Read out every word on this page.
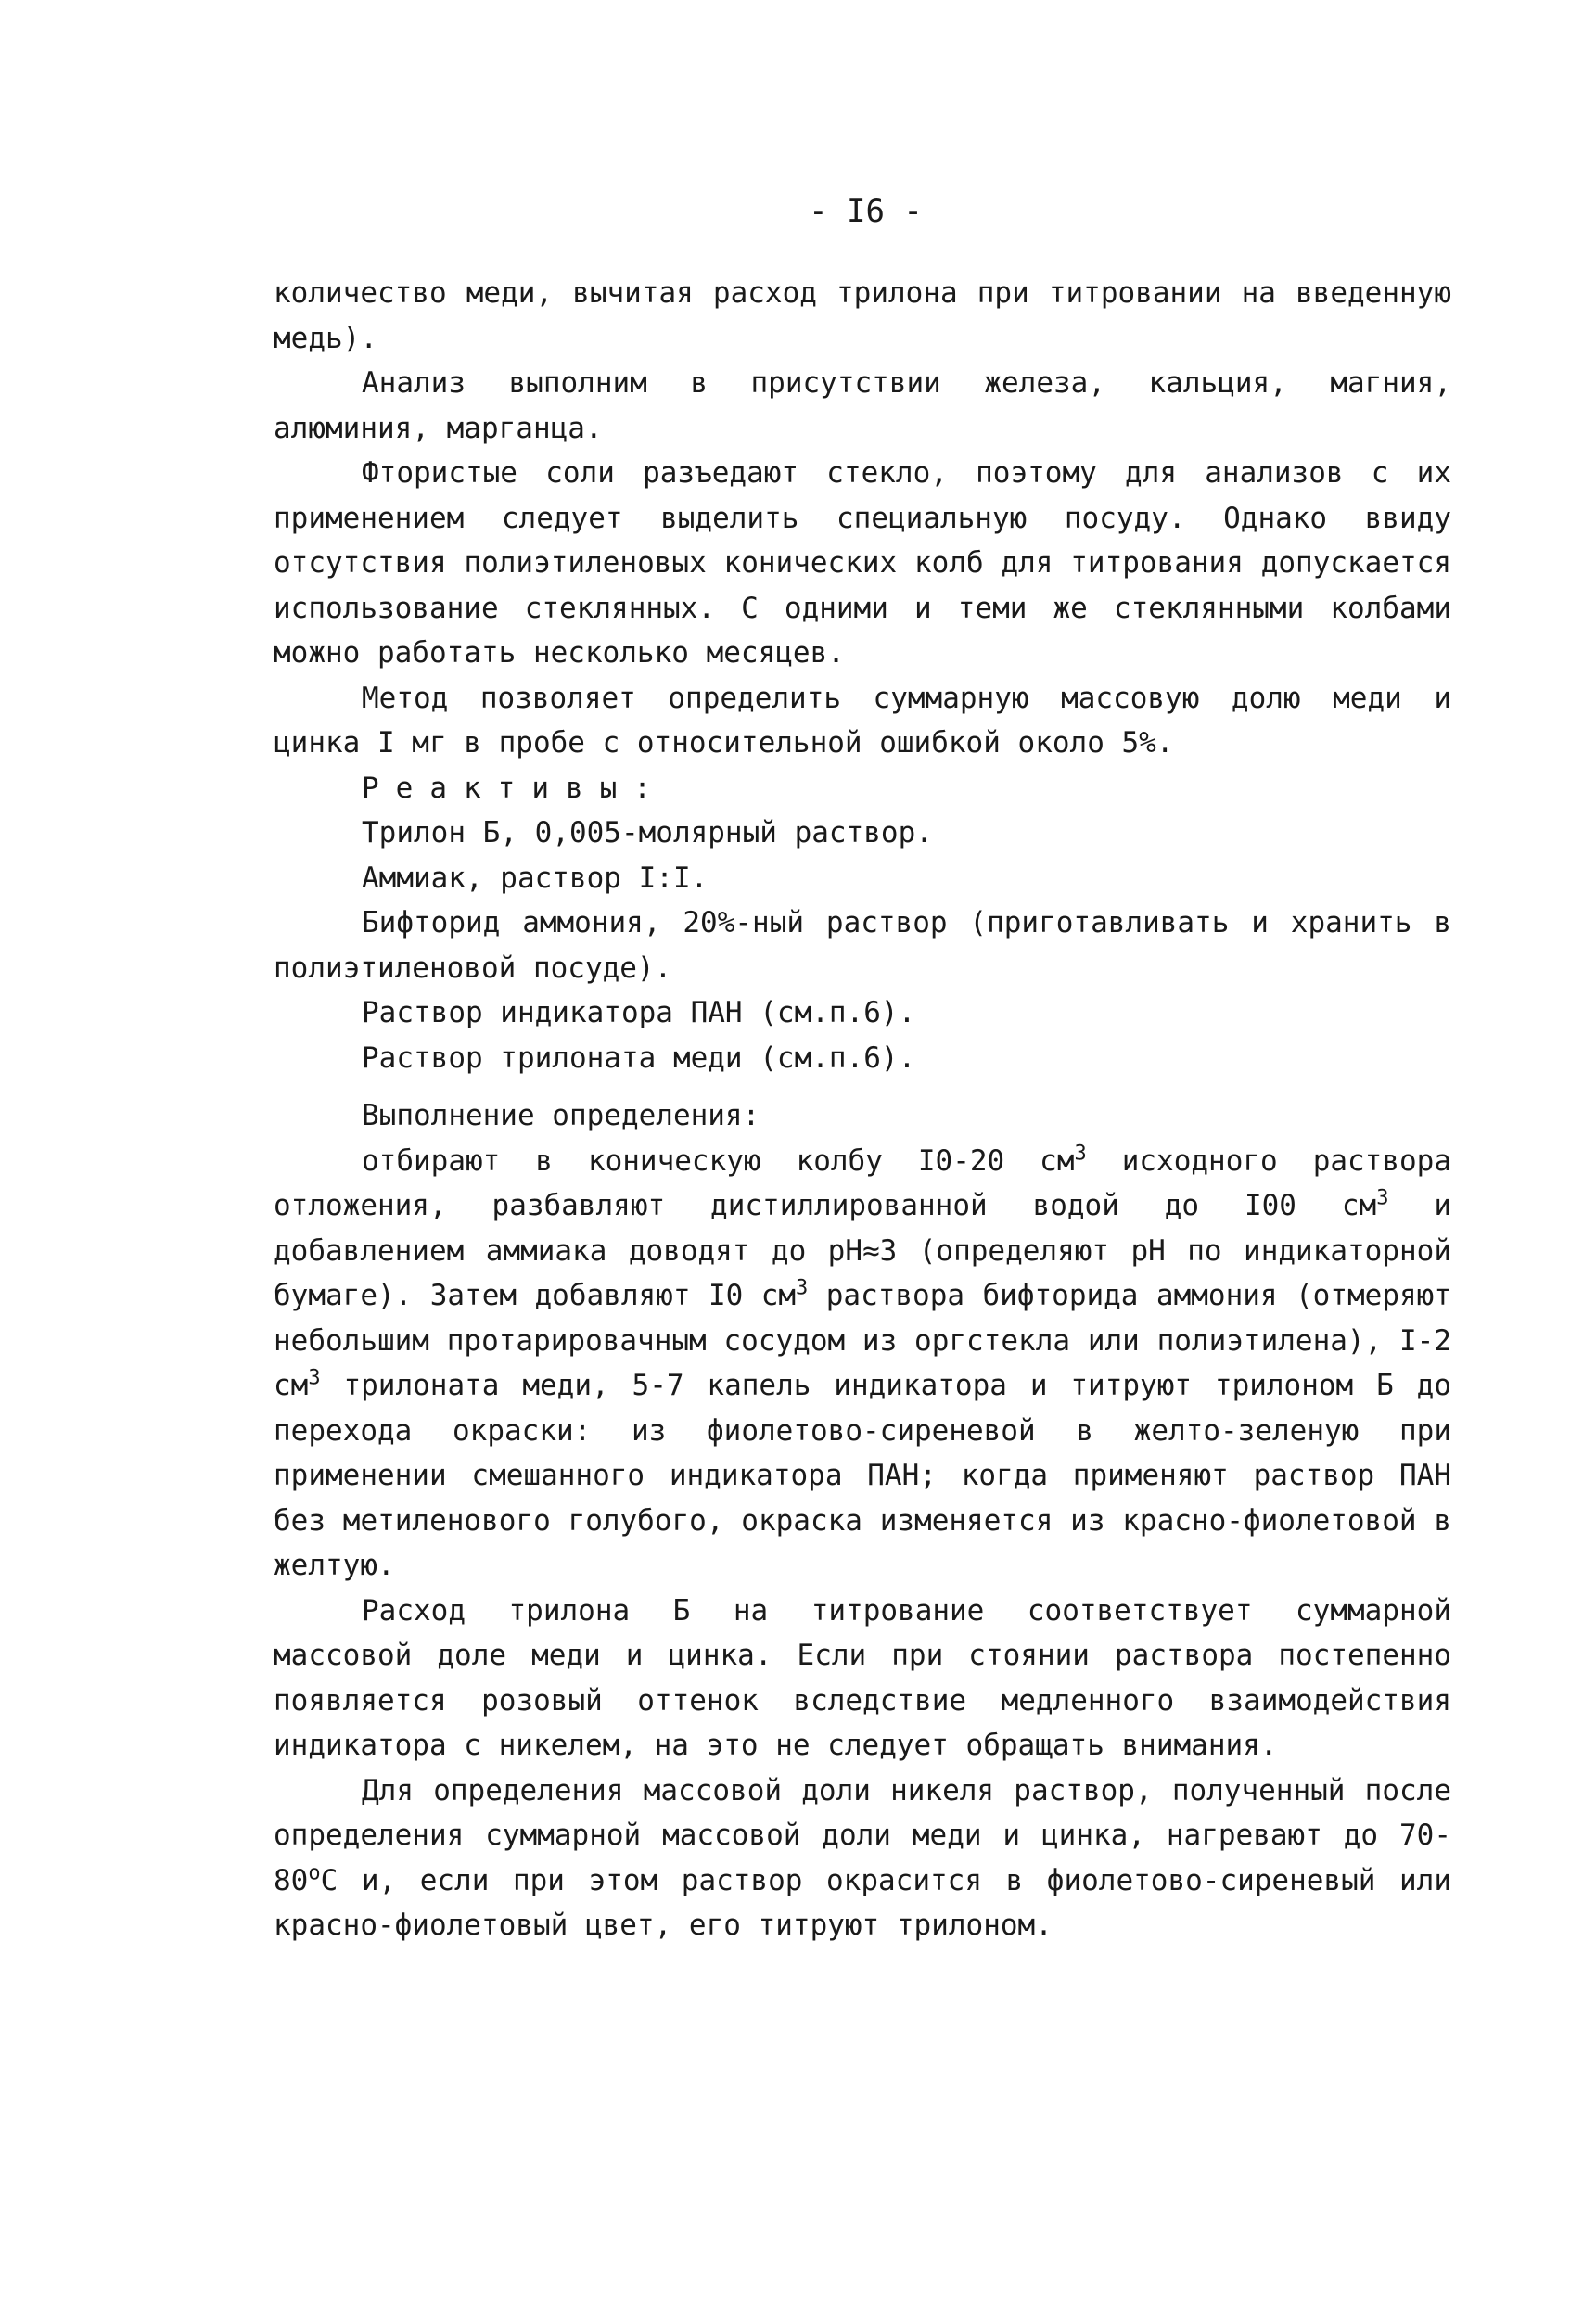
- I6 -

количество меди, вычитая расход трилона при титровании на введенную медь).

Анализ выполним в присутствии железа, кальция, магния, алюминия, марганца.

Фтористые соли разъедают стекло, поэтому для анализов с их применением следует выделить специальную посуду. Однако ввиду отсутствия полиэтиленовых конических колб для титрования допускается использование стеклянных. С одними и теми же стеклянными колбами можно работать несколько месяцев.

Метод позволяет определить суммарную массовую долю меди и цинка I мг в пробе с относительной ошибкой около 5%.

Реактивы:

Трилон Б, 0,005-молярный раствор.

Аммиак, раствор I:I.

Бифторид аммония, 20%-ный раствор (приготавливать и хранить в полиэтиленовой посуде).

Раствор индикатора ПАН (см.п.6).

Раствор трилоната меди (см.п.6).

Выполнение определения:

отбирают в коническую колбу I0-20 $см^3$ исходного раствора отложения, разбавляют дистиллированной водой до I00 $см^3$ и добавлением аммиака доводят до рН≈3 (определяют рН по индикаторной бумаге). Затем добавляют I0 $см^3$ раствора бифторида аммония (отмеряют небольшим протарировачным сосудом из оргстекла или полиэтилена), I-2 $см^3$ трилоната меди, 5-7 капель индикатора и титруют трилоном Б до перехода окраски: из фиолетово-сиреневой в желто-зеленую при применении смешанного индикатора ПАН; когда применяют раствор ПАН без метиленового голубого, окраска изменяется из красно-фиолетовой в желтую.

Расход трилона Б на титрование соответствует суммарной массовой доле меди и цинка. Если при стоянии раствора постепенно появляется розовый оттенок вследствие медленного взаимодействия индикатора с никелем, на это не следует обращать внимания.

Для определения массовой доли никеля раствор, полученный после определения суммарной массовой доли меди и цинка, нагревают до $70-80^оС$ и, если при этом раствор окрасится в фиолетово-сиреневый или красно-фиолетовый цвет, его титруют трилоном.
